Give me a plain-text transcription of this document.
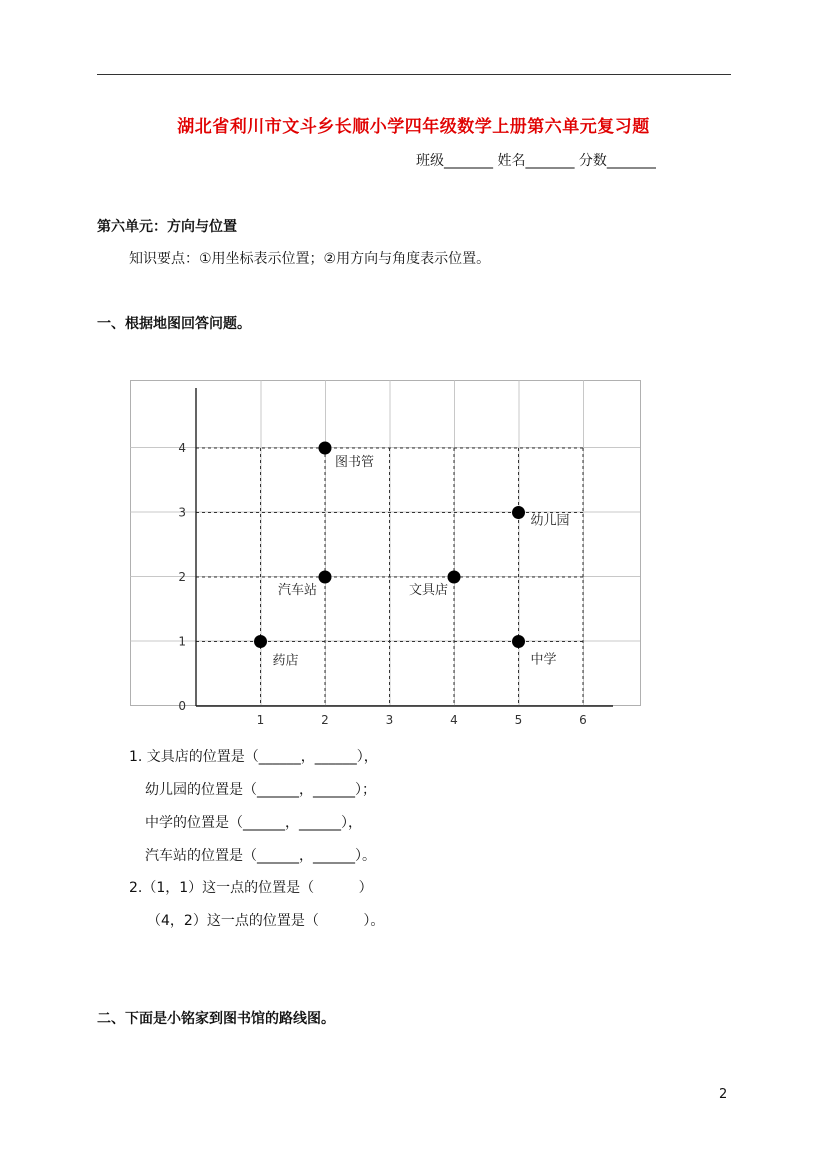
湖北省利川市文斗乡长顺小学四年级数学上册第六单元复习题
班级_______ 姓名_______ 分数_______
第六单元：方向与位置
知识要点：①用坐标表示位置；②用方向与角度表示位置。
一、根据地图回答问题。
1	2	3	4	5	6
0
1
2
3
4
图书管
幼儿园
汽车站	文具店
药店	中学
1. 文具店的位置是（______，______），
幼儿园的位置是（______，______）；
中学的位置是（______，______），
汽车站的位置是（______，______）。
2.（1，1）这一点的位置是（          ）
（4，2）这一点的位置是（          ）。
二、下面是小铭家到图书馆的路线图。
2
